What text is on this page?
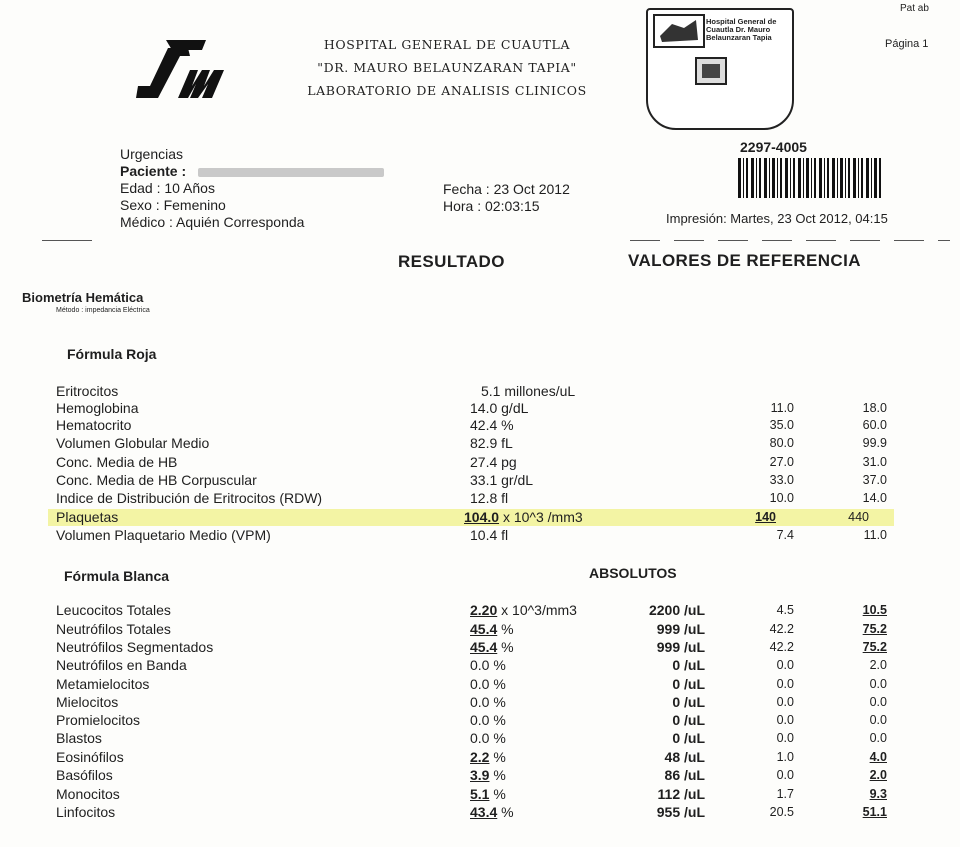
HOSPITAL GENERAL DE CUAUTLA
"DR. MAURO BELAUNZARAN TAPIA"
LABORATORIO DE ANALISIS CLINICOS
Hospital General de Cuautla Dr. Mauro Belaunzaran Tapia
Pat ab
Página 1
Urgencias
Paciente :
Edad : 10 Años
Sexo : Femenino
Médico : Aquién Corresponda
Fecha : 23 Oct 2012
Hora : 02:03:15
2297-4005
Impresión: Martes, 23 Oct 2012, 04:15
RESULTADO	VALORES DE REFERENCIA
Biometría Hemática
Método : impedancia Eléctrica
Fórmula Roja
Eritrocitos	5.1 millones/uL
Hemoglobina	14.0 g/dL	11.0	18.0
Hematocrito	42.4 %	35.0	60.0
Volumen Globular Medio	82.9 fL	80.0	99.9
Conc. Media de HB	27.4 pg	27.0	31.0
Conc. Media de HB Corpuscular	33.1 gr/dL	33.0	37.0
Indice de Distribución de Eritrocitos (RDW)	12.8 fl	10.0	14.0
Plaquetas	104.0 x 10^3 /mm3	140	440
Volumen Plaquetario Medio (VPM)	10.4 fl	7.4	11.0
Fórmula Blanca	ABSOLUTOS
Leucocitos Totales	2.20 x 10^3/mm3	2200 /uL	4.5	10.5
Neutrófilos Totales	45.4 %	999 /uL	42.2	75.2
Neutrófilos Segmentados	45.4 %	999 /uL	42.2	75.2
Neutrófilos en Banda	0.0 %	0 /uL	0.0	2.0
Metamielocitos	0.0 %	0 /uL	0.0	0.0
Mielocitos	0.0 %	0 /uL	0.0	0.0
Promielocitos	0.0 %	0 /uL	0.0	0.0
Blastos	0.0 %	0 /uL	0.0	0.0
Eosinófilos	2.2 %	48 /uL	1.0	4.0
Basófilos	3.9 %	86 /uL	0.0	2.0
Monocitos	5.1 %	112 /uL	1.7	9.3
Linfocitos	43.4 %	955 /uL	20.5	51.1
